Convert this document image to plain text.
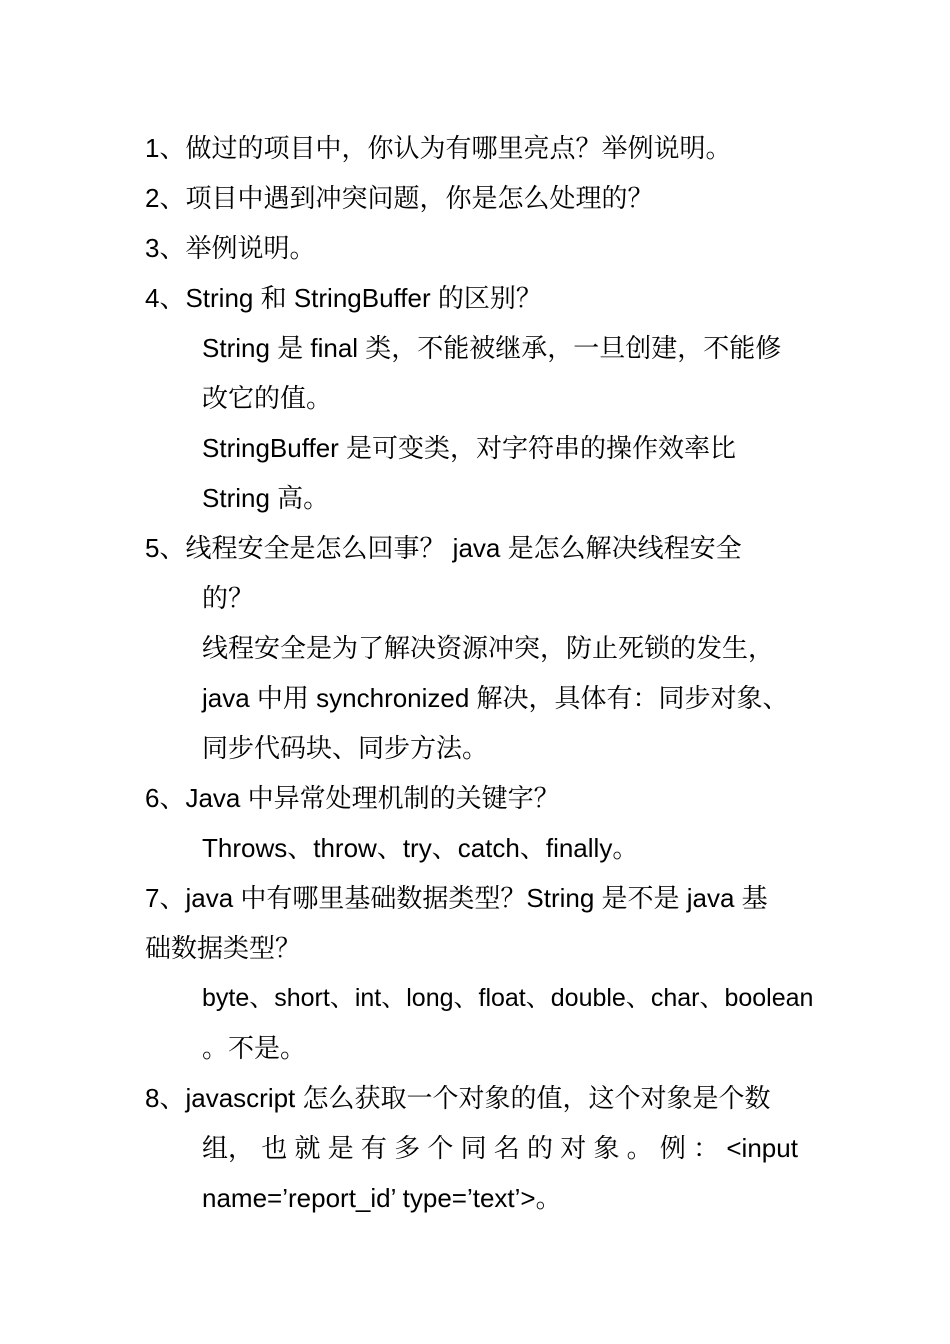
1、做过的项目中，你认为有哪里亮点？举例说明。
2、项目中遇到冲突问题，你是怎么处理的？
3、举例说明。
4、String 和 StringBuffer 的区别？
String 是 final 类，不能被继承，一旦创建，不能修
改它的值。
StringBuffer 是可变类，对字符串的操作效率比
String 高。
5、线程安全是怎么回事？ java 是怎么解决线程安全
的？
线程安全是为了解决资源冲突，防止死锁的发生，
java 中用 synchronized 解决，具体有：同步对象、
同步代码块、同步方法。
6、Java 中异常处理机制的关键字？
Throws、throw、try、catch、finally。
7、java 中有哪里基础数据类型？String 是不是 java 基
础数据类型？
byte、short、int、long、float、double、char、boolean
。不是。
8、javascript 怎么获取一个对象的值，这个对象是个数
组， 也 就 是 有 多 个 同 名 的 对 象 。 例 ： <input
name=’report_id’ type=’text’>。
